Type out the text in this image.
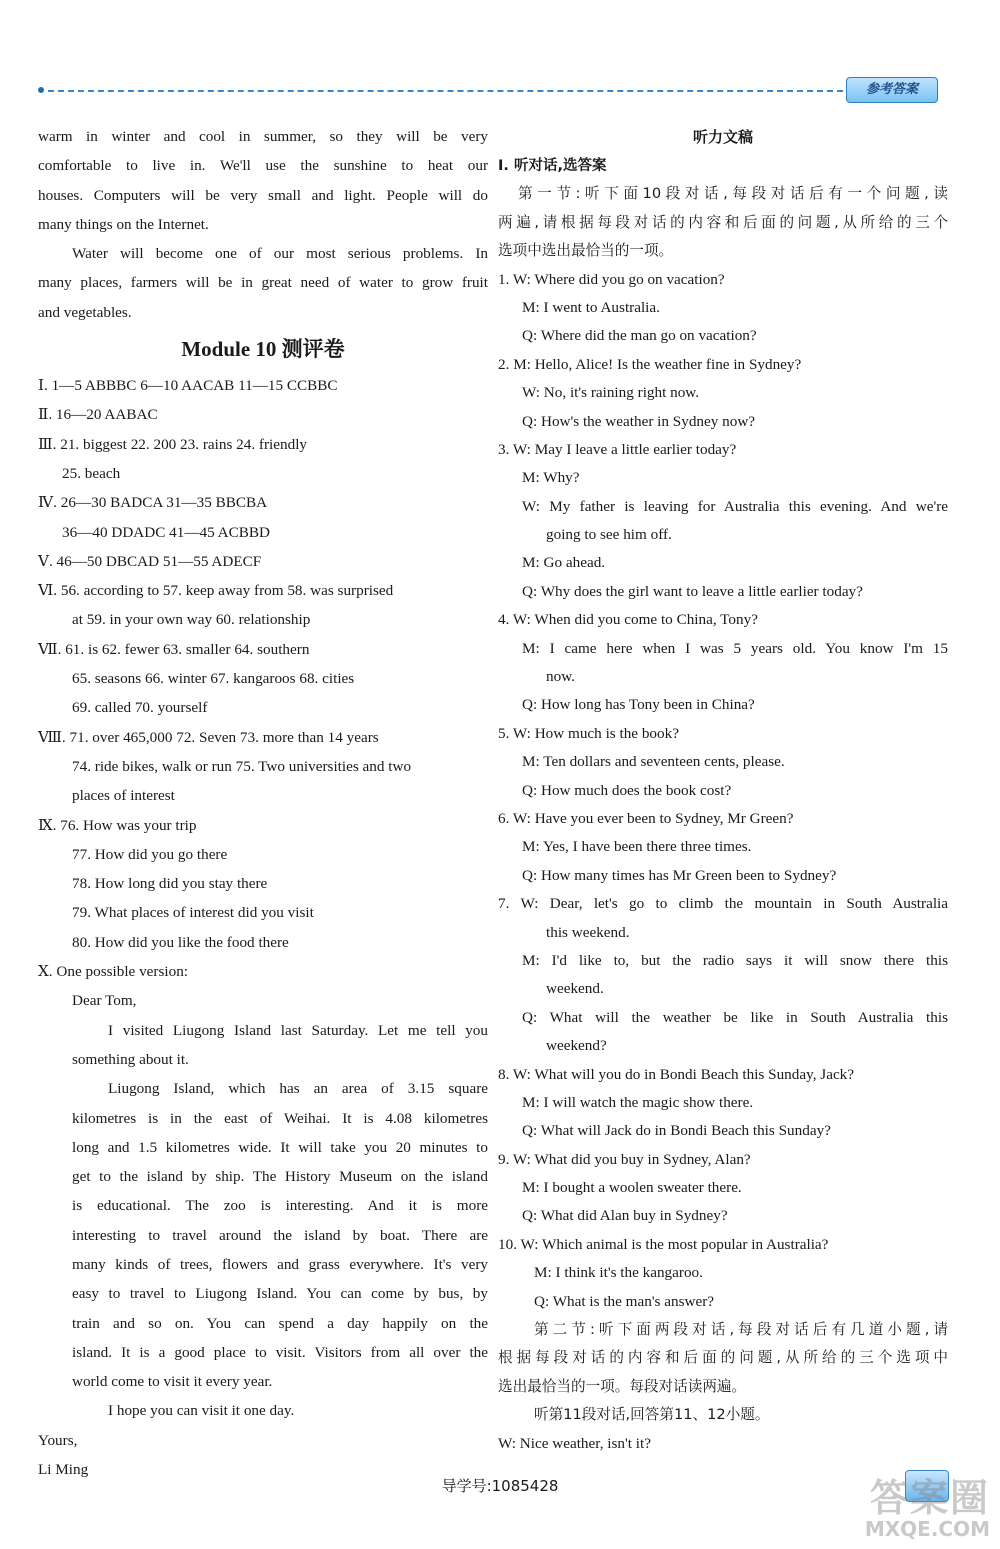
参考答案
warm in winter and cool in summer, so they will be very
comfortable to live in. We'll use the sunshine to heat our
houses. Computers will be very small and light. People will do
many things on the Internet.
Water will become one of our most serious problems. In
many places, farmers will be in great need of water to grow fruit
and vegetables.
Module 10 测评卷
Ⅰ. 1—5 ABBBC 6—10 AACAB 11—15 CCBBC
Ⅱ. 16—20 AABAC
Ⅲ. 21. biggest 22. 200 23. rains 24. friendly
25. beach
Ⅳ. 26—30 BADCA 31—35 BBCBA
36—40 DDADC 41—45 ACBBD
Ⅴ. 46—50 DBCAD 51—55 ADECF
Ⅵ. 56. according to 57. keep away from 58. was surprised
at 59. in your own way 60. relationship
Ⅶ. 61. is 62. fewer 63. smaller 64. southern
65. seasons 66. winter 67. kangaroos 68. cities
69. called 70. yourself
Ⅷ. 71. over 465,000 72. Seven 73. more than 14 years
74. ride bikes, walk or run 75. Two universities and two
places of interest
Ⅸ. 76. How was your trip
77. How did you go there
78. How long did you stay there
79. What places of interest did you visit
80. How did you like the food there
Ⅹ. One possible version:
Dear Tom,
I visited Liugong Island last Saturday. Let me tell you
something about it.
Liugong Island, which has an area of 3.15 square
kilometres is in the east of Weihai. It is 4.08 kilometres
long and 1.5 kilometres wide. It will take you 20 minutes to
get to the island by ship. The History Museum on the island
is educational. The zoo is interesting. And it is more
interesting to travel around the island by boat. There are
many kinds of trees, flowers and grass everywhere. It's very
easy to travel to Liugong Island. You can come by bus, by
train and so on. You can spend a day happily on the
island. It is a good place to visit. Visitors from all over the
world come to visit it every year.
I hope you can visit it one day.
Yours,
Li Ming
听力文稿
Ⅰ. 听对话,选答案
第一节:听下面10段对话,每段对话后有一个问题,读
两遍,请根据每段对话的内容和后面的问题,从所给的三个
选项中选出最恰当的一项。
1. W: Where did you go on vacation?
M: I went to Australia.
Q: Where did the man go on vacation?
2. M: Hello, Alice! Is the weather fine in Sydney?
W: No, it's raining right now.
Q: How's the weather in Sydney now?
3. W: May I leave a little earlier today?
M: Why?
W: My father is leaving for Australia this evening. And we're
going to see him off.
M: Go ahead.
Q: Why does the girl want to leave a little earlier today?
4. W: When did you come to China, Tony?
M: I came here when I was 5 years old. You know I'm 15
now.
Q: How long has Tony been in China?
5. W: How much is the book?
M: Ten dollars and seventeen cents, please.
Q: How much does the book cost?
6. W: Have you ever been to Sydney, Mr Green?
M: Yes, I have been there three times.
Q: How many times has Mr Green been to Sydney?
7. W: Dear, let's go to climb the mountain in South Australia
this weekend.
M: I'd like to, but the radio says it will snow there this
weekend.
Q: What will the weather be like in South Australia this
weekend?
8. W: What will you do in Bondi Beach this Sunday, Jack?
M: I will watch the magic show there.
Q: What will Jack do in Bondi Beach this Sunday?
9. W: What did you buy in Sydney, Alan?
M: I bought a woolen sweater there.
Q: What did Alan buy in Sydney?
10. W: Which animal is the most popular in Australia?
M: I think it's the kangaroo.
Q: What is the man's answer?
第二节:听下面两段对话,每段对话后有几道小题,请
根据每段对话的内容和后面的问题,从所给的三个选项中
选出最恰当的一项。每段对话读两遍。
听第11段对话,回答第11、12小题。
W: Nice weather, isn't it?
导学号:1085428	答案圈
MXQE.COM
